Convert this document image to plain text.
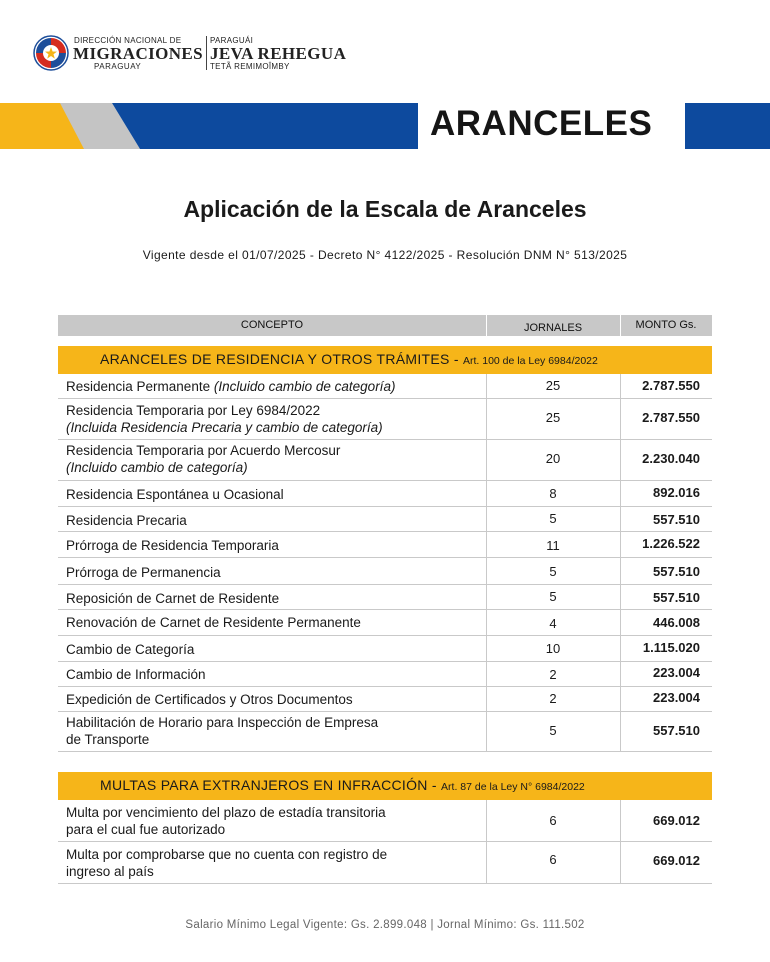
DIRECCIÓN NACIONAL DE
MIGRACIONES
PARAGUAY
PARAGUÁI
JEVA REHEGUA
TETÃ REMIMOÎMBY
ARANCELES
Aplicación de la Escala de Aranceles
Vigente desde el 01/07/2025 - Decreto N° 4122/2025 - Resolución DNM N° 513/2025
CONCEPTO	JORNALES	MONTO Gs.
ARANCELES DE RESIDENCIA Y OTROS TRÁMITES - Art. 100 de la Ley 6984/2022
Residencia Permanente (Incluido cambio de categoría)	25	2.787.550
Residencia Temporaria por Ley 6984/2022
(Incluida Residencia Precaria y cambio de categoría)
25	2.787.550
Residencia Temporaria por Acuerdo Mercosur
(Incluido cambio de categoría)
20	2.230.040
Residencia Espontánea u Ocasional	8	892.016
Residencia Precaria	5	557.510
Prórroga de Residencia Temporaria	11	1.226.522
Prórroga de Permanencia	5	557.510
Reposición de Carnet de Residente	5	557.510
Renovación de Carnet de Residente Permanente	4	446.008
Cambio de Categoría	10	1.115.020
Cambio de Información	2	223.004
Expedición de Certificados y Otros Documentos	2	223.004
Habilitación de Horario para Inspección de Empresa
de Transporte
5	557.510
MULTAS PARA EXTRANJEROS EN INFRACCIÓN - Art. 87 de la Ley N° 6984/2022
Multa por vencimiento del plazo de estadía transitoria
para el cual fue autorizado
6	669.012
Multa por comprobarse que no cuenta con registro de
ingreso al país
6	669.012
Salario Mínimo Legal Vigente: Gs. 2.899.048 | Jornal Mínimo: Gs. 111.502
